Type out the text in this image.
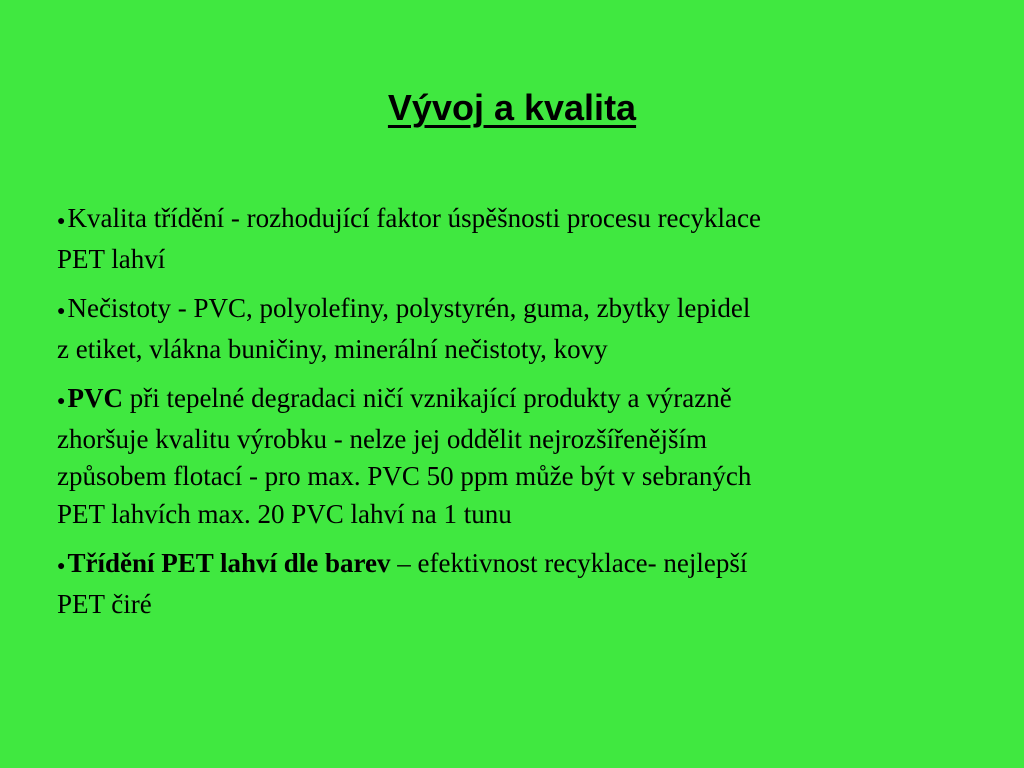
Vývoj a kvalita
●Kvalita třídění - rozhodující faktor úspěšnosti procesu recyklace
PET lahví
●Nečistoty - PVC, polyolefiny, polystyrén, guma, zbytky lepidel
z etiket, vlákna buničiny, minerální nečistoty, kovy
●PVC při tepelné degradaci ničí vznikající produkty a výrazně
zhoršuje kvalitu výrobku - nelze jej oddělit nejrozšířenějším
způsobem flotací - pro max. PVC 50 ppm může být v sebraných
PET lahvích max. 20 PVC lahví na 1 tunu
●Třídění PET lahví dle barev – efektivnost recyklace- nejlepší
PET čiré
